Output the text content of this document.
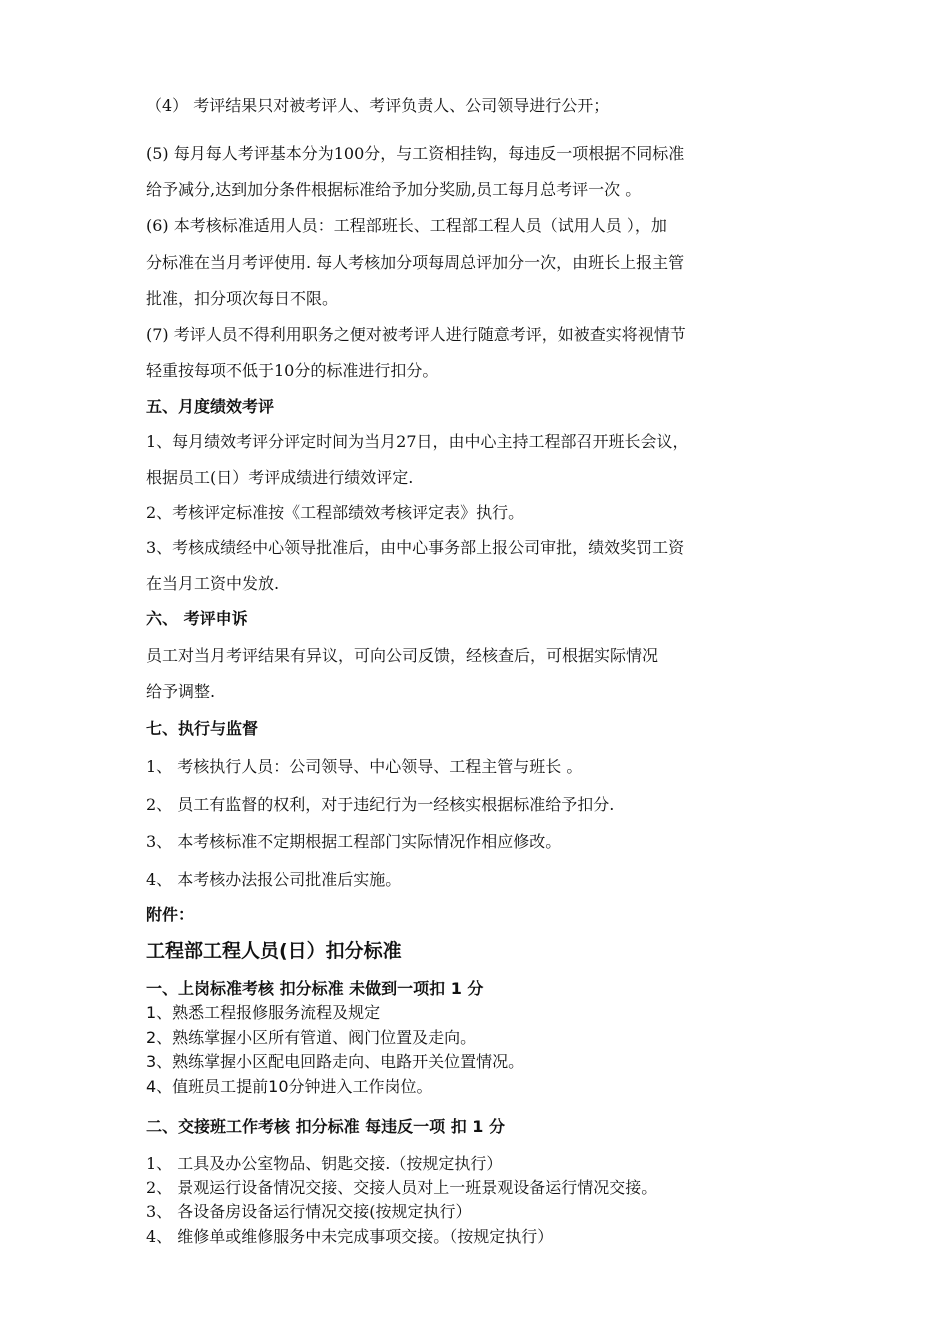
（4） 考评结果只对被考评人、考评负责人、公司领导进行公开；
(5) 每月每人考评基本分为100分，与工资相挂钩，每违反一项根据不同标准
给予减分,达到加分条件根据标准给予加分奖励,员工每月总考评一次 。
(6) 本考核标准适用人员：工程部班长、工程部工程人员（试用人员 ），加
分标准在当月考评使用. 每人考核加分项每周总评加分一次，由班长上报主管
批准，扣分项次每日不限。
(7) 考评人员不得利用职务之便对被考评人进行随意考评，如被查实将视情节
轻重按每项不低于10分的标准进行扣分。
五、月度绩效考评
1、每月绩效考评分评定时间为当月27日，由中心主持工程部召开班长会议，
根据员工(日）考评成绩进行绩效评定.
2、考核评定标准按《工程部绩效考核评定表》执行。
3、考核成绩经中心领导批准后，由中心事务部上报公司审批，绩效奖罚工资
在当月工资中发放.
六、 考评申诉
员工对当月考评结果有异议，可向公司反馈，经核查后，可根据实际情况
给予调整.
七、执行与监督
1、 考核执行人员：公司领导、中心领导、工程主管与班长 。
2、 员工有监督的权利，对于违纪行为一经核实根据标准给予扣分.
3、 本考核标准不定期根据工程部门实际情况作相应修改。
4、 本考核办法报公司批准后实施。
附件：
工程部工程人员(日）扣分标准
一、上岗标准考核 扣分标准 未做到一项扣 1 分
1、熟悉工程报修服务流程及规定
2、熟练掌握小区所有管道、阀门位置及走向。
3、熟练掌握小区配电回路走向、电路开关位置情况。
4、值班员工提前10分钟进入工作岗位。
二、交接班工作考核 扣分标准 每违反一项 扣 1 分
1、 工具及办公室物品、钥匙交接.（按规定执行）
2、 景观运行设备情况交接、交接人员对上一班景观设备运行情况交接。
3、 各设备房设备运行情况交接(按规定执行）
4、 维修单或维修服务中未完成事项交接。（按规定执行）
